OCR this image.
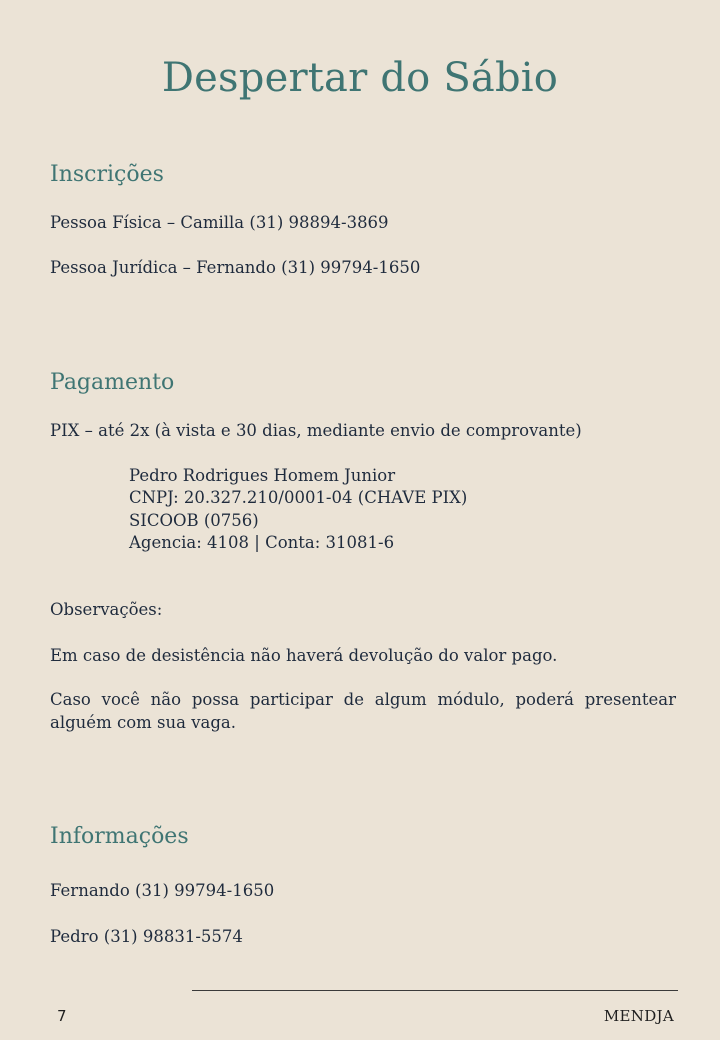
Despertar do Sábio
Inscrições

Pessoa Física – Camilla (31) 98894-3869

Pessoa Jurídica – Fernando (31) 99794-1650

Pagamento

PIX – até 2x (à vista e 30 dias, mediante envio de comprovante)

Pedro Rodrigues Homem Junior

CNPJ: 20.327.210/0001-04 (CHAVE PIX)

SICOOB (0756)

Agencia: 4108 | Conta: 31081-6

Observações:

Em caso de desistência não haverá devolução do valor pago.

Caso você não possa participar de algum módulo, poderá presentear alguém com sua vaga.

Informações

Fernando (31) 99794-1650

Pedro (31) 98831-5574

7	MENDJA
